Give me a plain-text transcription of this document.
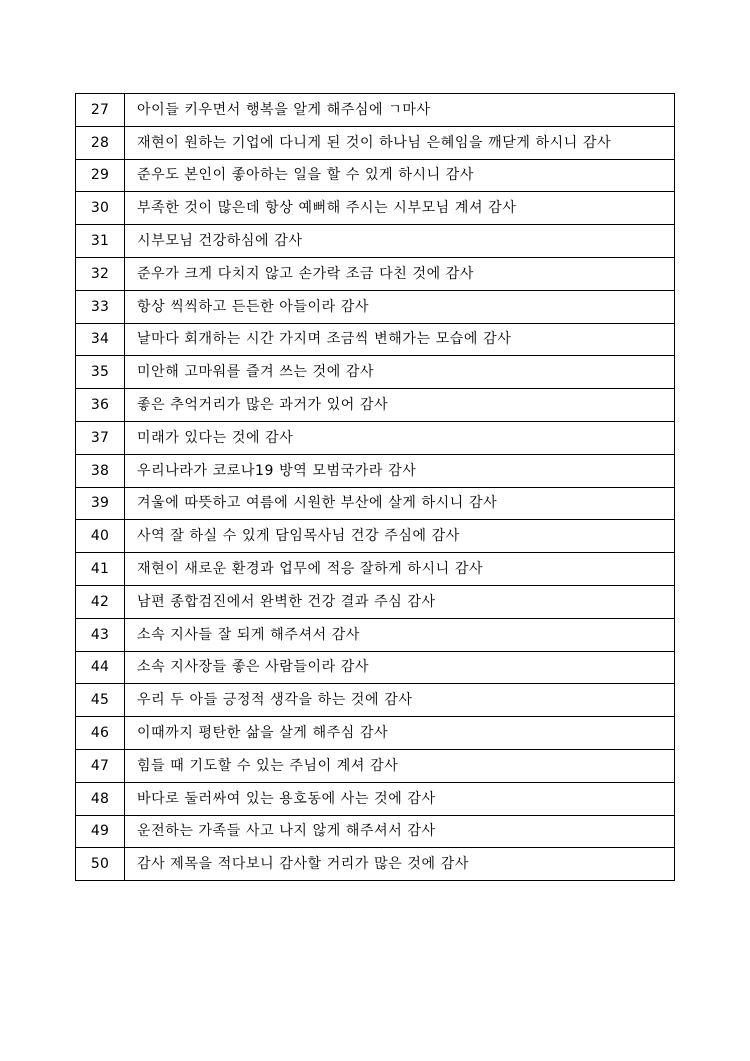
27	아이들 키우면서 행복을 알게 해주심에 ㄱ마사
28	재현이 원하는 기업에 다니게 된 것이 하나님 은혜임을 깨닫게 하시니 감사
29	준우도 본인이 좋아하는 일을 할 수 있게 하시니 감사
30	부족한 것이 많은데 항상 예뻐해 주시는 시부모님 계셔 감사
31	시부모님 건강하심에 감사
32	준우가 크게 다치지 않고 손가락 조금 다친 것에 감사
33	항상 씩씩하고 든든한 아들이라 감사
34	날마다 회개하는 시간 가지며 조금씩 변해가는 모습에 감사
35	미안해 고마워를 즐겨 쓰는 것에 감사
36	좋은 추억거리가 많은 과거가 있어 감사
37	미래가 있다는 것에 감사
38	우리나라가 코로나19 방역 모범국가라 감사
39	겨울에 따뜻하고 여름에 시원한 부산에 살게 하시니 감사
40	사역 잘 하실 수 있게 담임목사님 건강 주심에 감사
41	재현이 새로운 환경과 업무에 적응 잘하게 하시니 감사
42	남편 종합검진에서 완벽한 건강 결과 주심 감사
43	소속 지사들 잘 되게 해주셔서 감사
44	소속 지사장들 좋은 사람들이라 감사
45	우리 두 아들 긍정적 생각을 하는 것에 감사
46	이때까지 평탄한 삶을 살게 해주심 감사
47	힘들 때 기도할 수 있는 주님이 계셔 감사
48	바다로 둘러싸여 있는 용호동에 사는 것에 감사
49	운전하는 가족들 사고 나지 않게 해주셔서 감사
50	감사 제목을 적다보니 감사할 거리가 많은 것에 감사
